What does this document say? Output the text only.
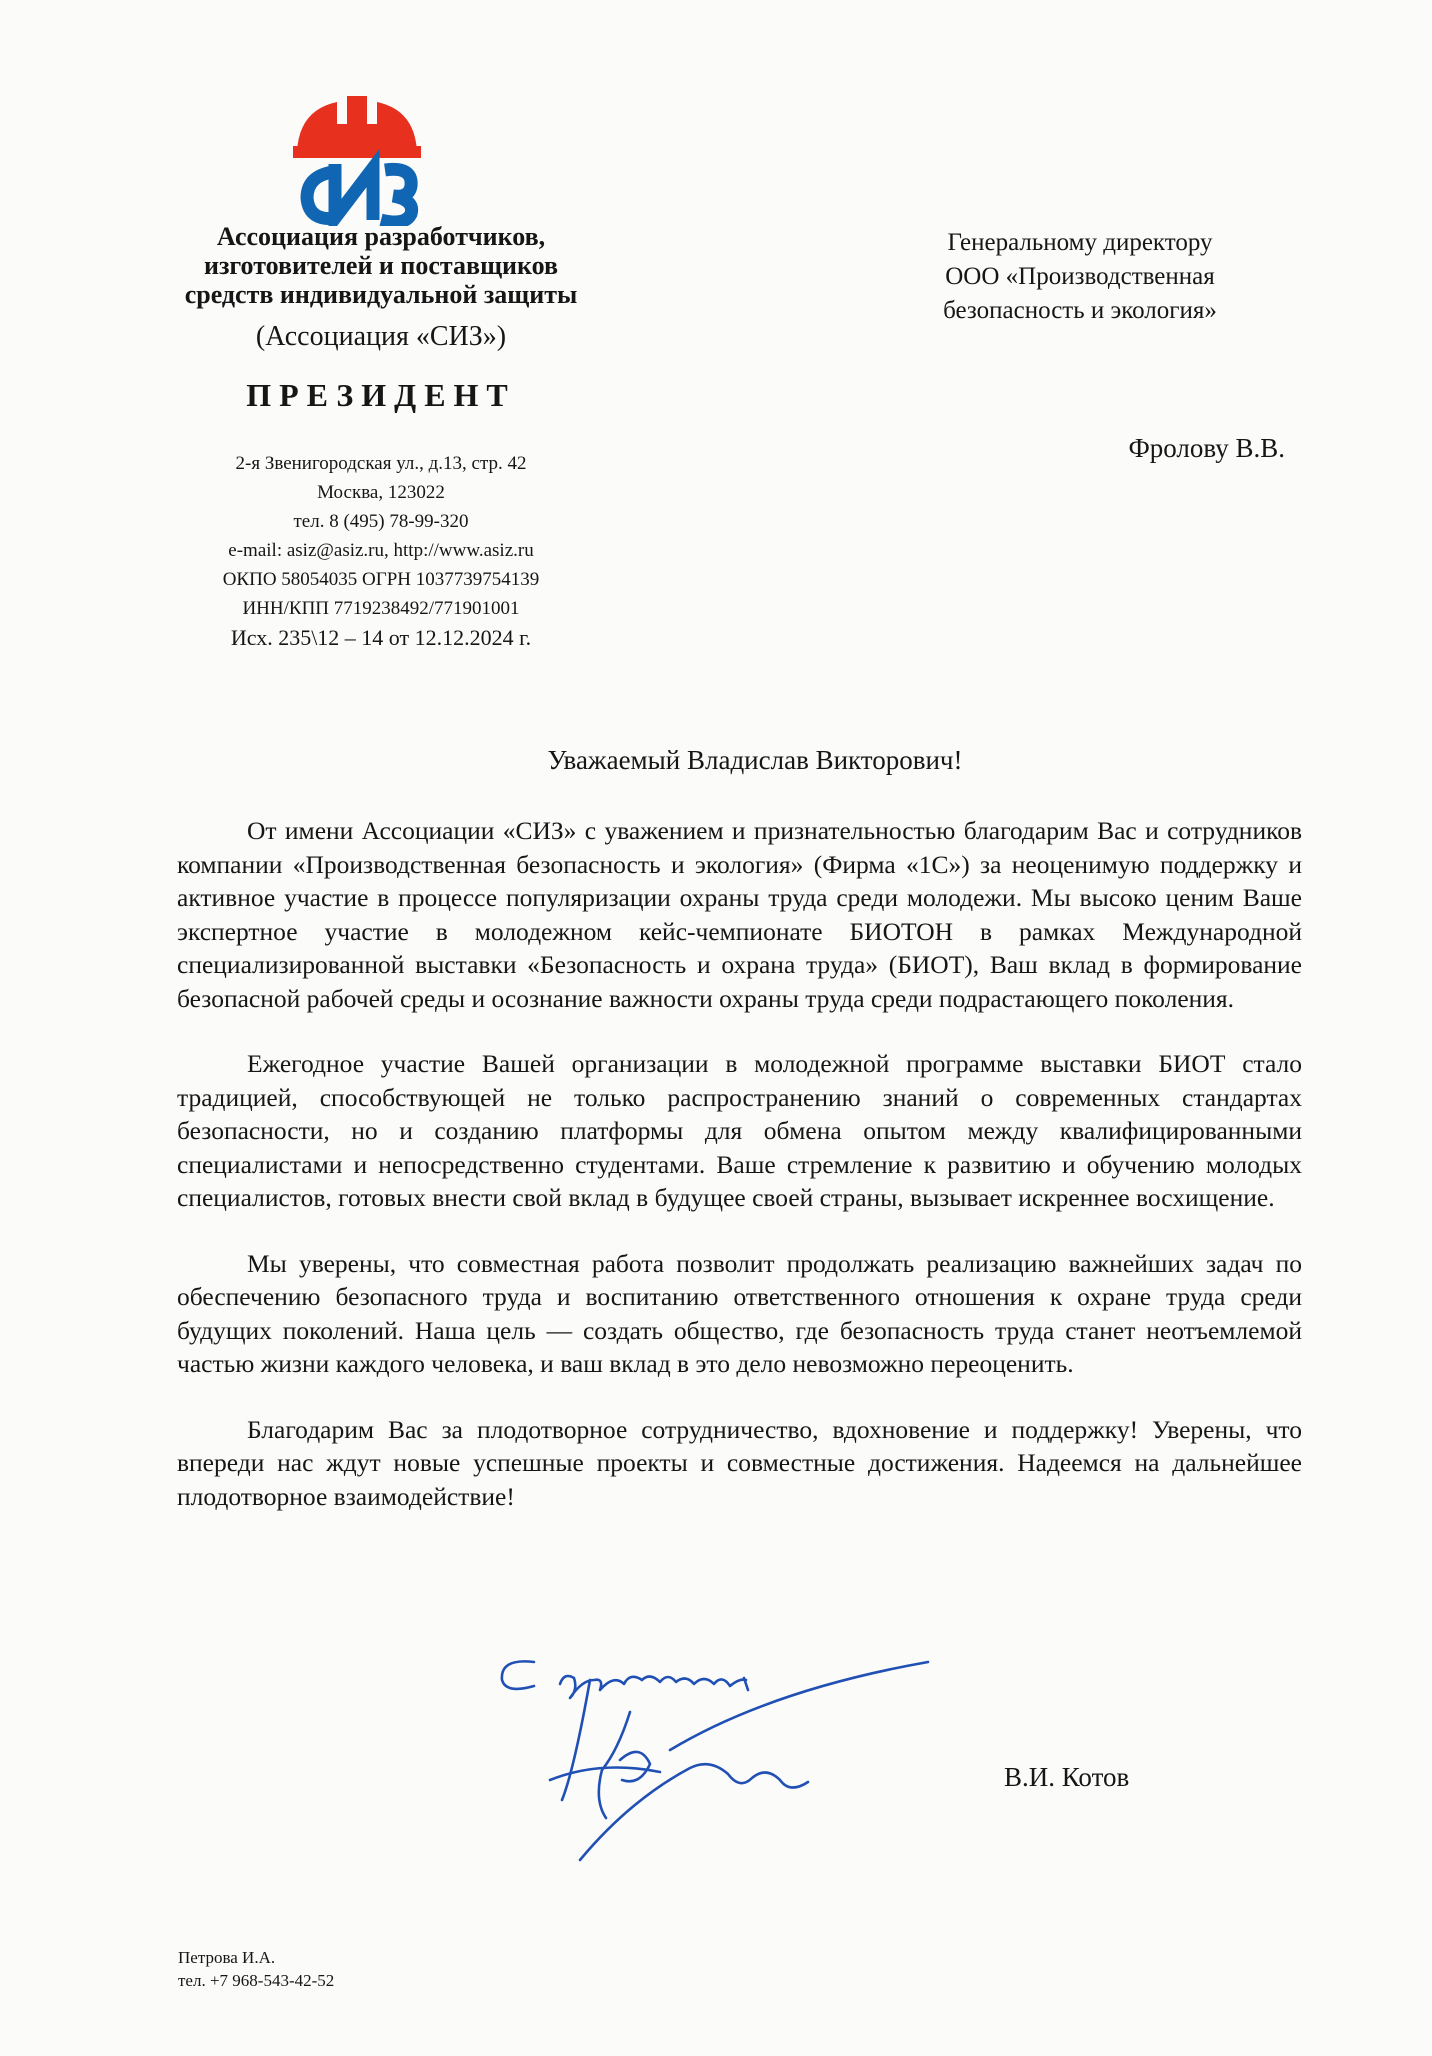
Ассоциация разработчиков,
изготовителей и поставщиков
средств индивидуальной защиты
(Ассоциация «СИЗ»)
ПРЕЗИДЕНТ
2-я Звенигородская ул., д.13, стр. 42
Москва, 123022
тел. 8 (495) 78-99-320
e-mail: asiz@asiz.ru, http://www.asiz.ru
ОКПО 58054035 ОГРН 1037739754139
ИНН/КПП 7719238492/771901001
Исх. 235\12 – 14 от 12.12.2024 г.
Генеральному директору
ООО «Производственная
безопасность и экология»
Фролову В.В.
Уважаемый Владислав Викторович!

От имени Ассоциации «СИЗ» с уважением и признательностью благодарим Вас и сотрудников компании «Производственная безопасность и экология» (Фирма «1С») за неоценимую поддержку и активное участие в процессе популяризации охраны труда среди молодежи. Мы высоко ценим Ваше экспертное участие в молодежном кейс-чемпионате БИОТОН в рамках Международной специализированной выставки «Безопасность и охрана труда» (БИОТ), Ваш вклад в формирование безопасной рабочей среды и осознание важности охраны труда среди подрастающего поколения.

Ежегодное участие Вашей организации в молодежной программе выставки БИОТ стало традицией, способствующей не только распространению знаний о современных стандартах безопасности, но и созданию платформы для обмена опытом между квалифицированными специалистами и непосредственно студентами. Ваше стремление к развитию и обучению молодых специалистов, готовых внести свой вклад в будущее своей страны, вызывает искреннее восхищение.

Мы уверены, что совместная работа позволит продолжать реализацию важнейших задач по обеспечению безопасного труда и воспитанию ответственного отношения к охране труда среди будущих поколений. Наша цель — создать общество, где безопасность труда станет неотъемлемой частью жизни каждого человека, и ваш вклад в это дело невозможно переоценить.

Благодарим Вас за плодотворное сотрудничество, вдохновение и поддержку! Уверены, что впереди нас ждут новые успешные проекты и совместные достижения. Надеемся на дальнейшее плодотворное взаимодействие!

В.И. Котов
Петрова И.А.
тел. +7 968-543-42-52
